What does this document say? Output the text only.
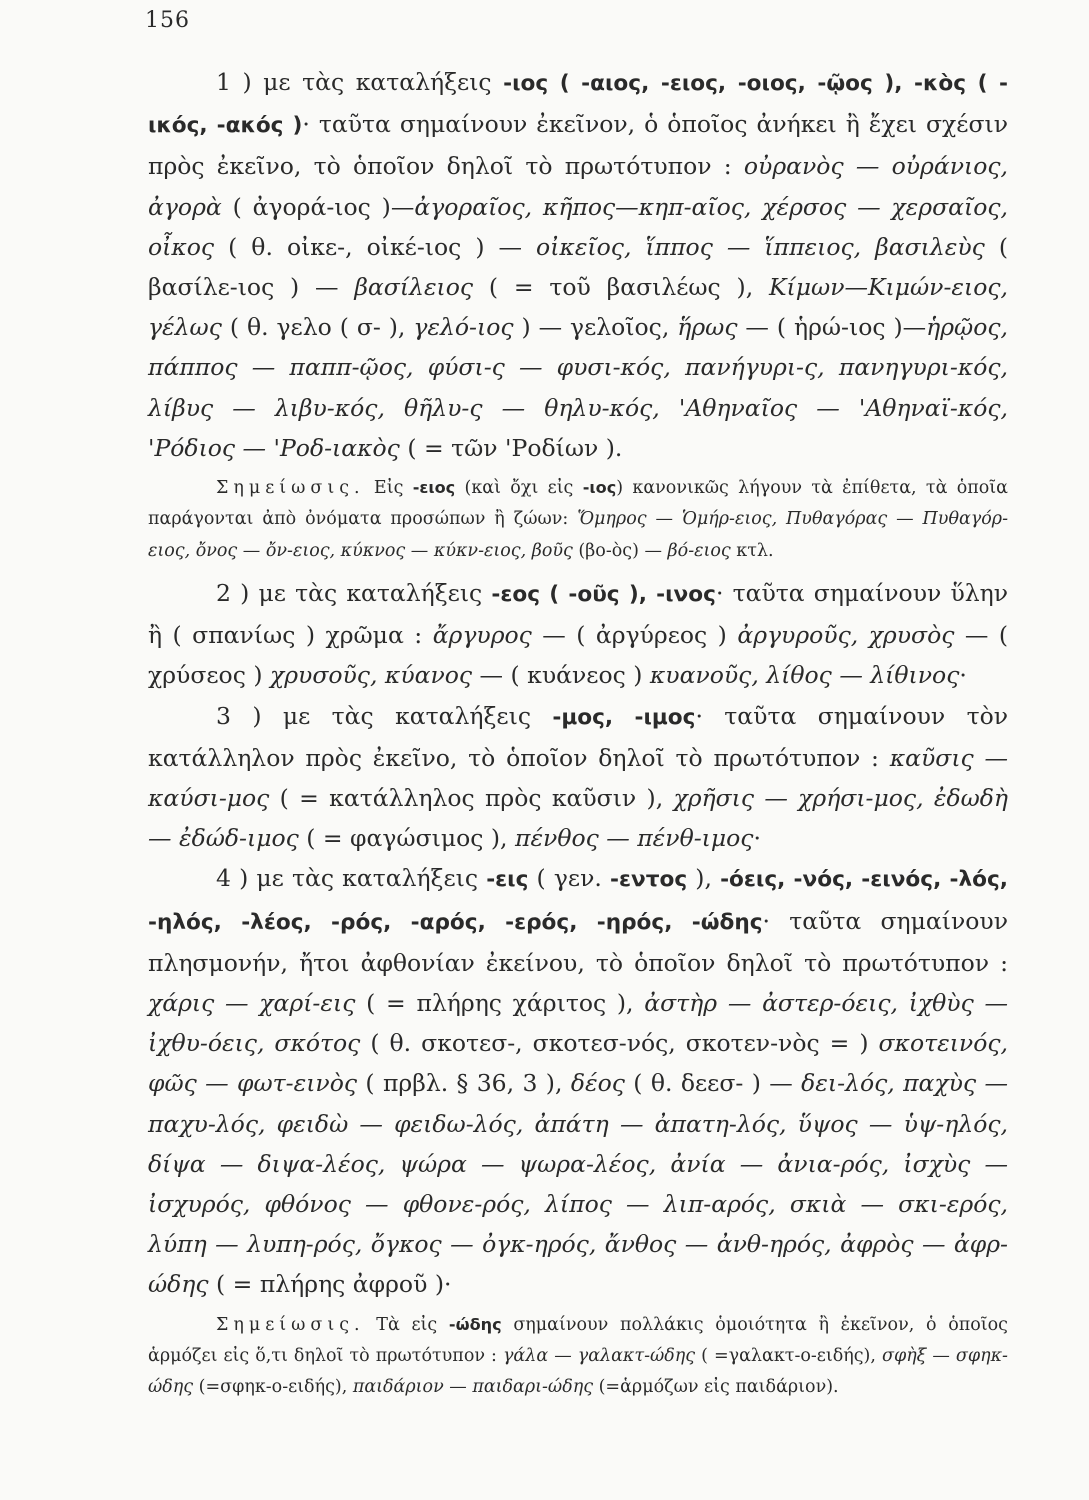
156

1 ) με τὰς καταλήξεις -ιος ( -αιος, -ειος, -οιος, -ῷος ), -κὸς ( -ικός, -ακός )· ταῦτα σημαίνουν ἐκεῖνον, ὁ ὁποῖος ἀνήκει ἢ ἔχει σχέσιν πρὸς ἐκεῖνο, τὸ ὁποῖον δηλοῖ τὸ πρωτότυπον : οὐρανὸς — οὐράνιος, ἀγορὰ ( ἀγορά-ιος )—ἀγοραῖος, κῆπος—κηπ-αῖος, χέρσος — χερσαῖος, οἶκος ( θ. οἰκε-, οἰκέ-ιος ) — οἰκεῖος, ἵππος — ἵππειος, βασιλεὺς ( βασίλε-ιος ) — βασίλειος ( = τοῦ βασιλέως ), Κίμων—Κιμών-ειος, γέλως ( θ. γελο ( σ- ), γελό-ιος ) — γελοῖος, ἥρως — ( ἡρώ-ιος )—ἡρῷος, πάππος — παππ-ῷος, φύσι-ς — φυσι-κός, πανήγυρι-ς, πανηγυρι-κός, λίβυς — λιβυ-κός, θῆλυ-ς — θηλυ-κός, 'Αθηναῖος — 'Αθηναϊ-κός, 'Ρόδιος — 'Ροδ-ιακὸς ( = τῶν 'Ροδίων ).

Σημείωσις. Εἰς -ειος (καὶ ὄχι εἰς -ιος) κανονικῶς λήγουν τὰ ἐπίθετα, τὰ ὁποῖα παράγονται ἀπὸ ὀνόματα προσώπων ἢ ζώων: Ὅμηρος — Ὁμήρ-ειος, Πυθαγόρας — Πυθαγόρ-ειος, ὄνος — ὄν-ειος, κύκνος — κύκν-ειος, βοῦς (βο-ὸς) — βό-ειος κτλ.

2 ) με τὰς καταλήξεις -εος ( -οῦς ), -ινος· ταῦτα σημαίνουν ὕλην ἢ ( σπανίως ) χρῶμα : ἄργυρος — ( ἀργύρεος ) ἀργυροῦς, χρυσὸς — ( χρύσεος ) χρυσοῦς, κύανος — ( κυάνεος ) κυανοῦς, λίθος — λίθινος·

3 ) με τὰς καταλήξεις -μος, -ιμος· ταῦτα σημαίνουν τὸν κατάλληλον πρὸς ἐκεῖνο, τὸ ὁποῖον δηλοῖ τὸ πρωτότυπον : καῦσις — καύσι-μος ( = κατάλληλος πρὸς καῦσιν ), χρῆσις — χρήσι-μος, ἐδωδὴ — ἐδώδ-ιμος ( = φαγώσιμος ), πένθος — πένθ-ιμος·

4 ) με τὰς καταλήξεις -εις ( γεν. -εντος ), -όεις, -νός, -εινός, -λός, -ηλός, -λέος, -ρός, -αρός, -ερός, -ηρός, -ώδης· ταῦτα σημαίνουν πλησμονήν, ἤτοι ἀφθονίαν ἐκείνου, τὸ ὁποῖον δηλοῖ τὸ πρωτότυπον : χάρις — χαρί-εις ( = πλήρης χάριτος ), ἀστὴρ — ἀστερ-όεις, ἰχθὺς — ἰχθυ-όεις, σκότος ( θ. σκοτεσ-, σκοτεσ-νός, σκοτεν-νὸς = ) σκοτεινός, φῶς — φωτ-εινὸς ( πρβλ. § 36, 3 ), δέος ( θ. δεεσ- ) — δει-λός, παχὺς — παχυ-λός, φειδὼ — φειδω-λός, ἀπάτη — ἀπατη-λός, ὕψος — ὑψ-ηλός, δίψα — διψα-λέος, ψώρα — ψωρα-λέος, ἀνία — ἀνια-ρός, ἰσχὺς — ἰσχυρός, φθόνος — φθονε-ρός, λίπος — λιπ-αρός, σκιὰ — σκι-ερός, λύπη — λυπη-ρός, ὄγκος — ὀγκ-ηρός, ἄνθος — ἀνθ-ηρός, ἀφρὸς — ἀφρ-ώδης ( = πλήρης ἀφροῦ )·

Σημείωσις. Τὰ εἰς -ώδης σημαίνουν πολλάκις ὁμοιότητα ἢ ἐκεῖνον, ὁ ὁποῖος ἁρμόζει εἰς ὅ,τι δηλοῖ τὸ πρωτότυπον : γάλα — γαλακτ-ώδης ( =γαλακτ-ο-ειδής), σφὴξ — σφηκ-ώδης (=σφηκ-ο-ειδής), παιδάριον — παιδαρι-ώδης (=ἁρμόζων εἰς παιδάριον).
